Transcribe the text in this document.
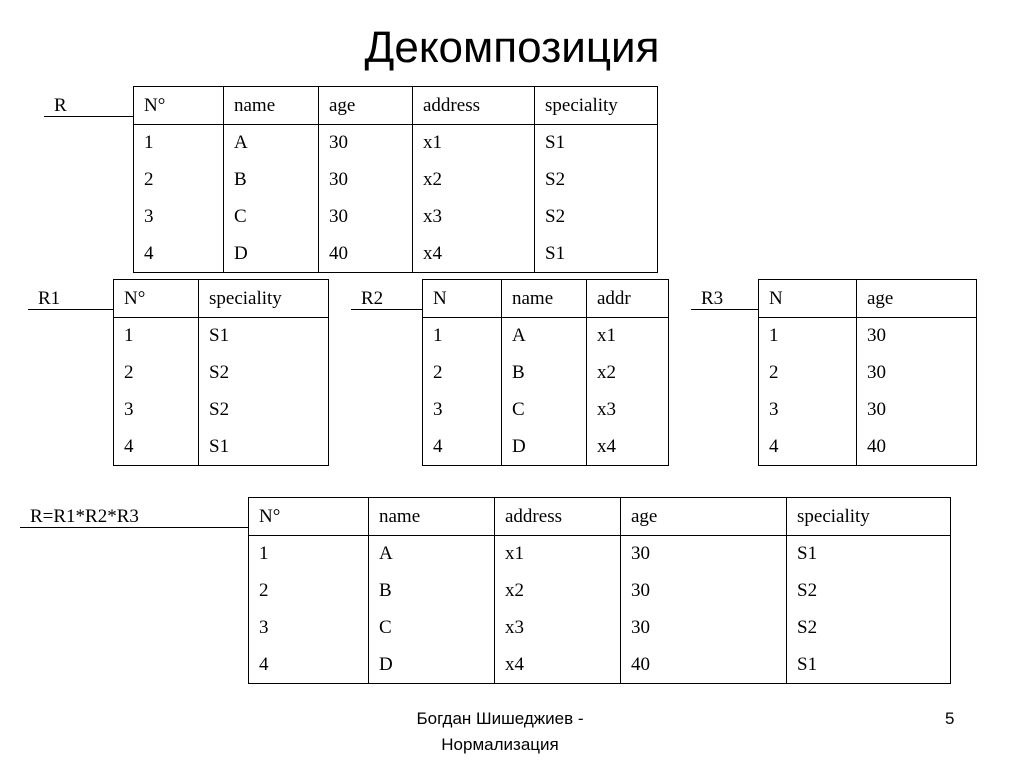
Декомпозиция
R	N°	name	age	address	speciality
1	A	30	x1	S1
2	B	30	x2	S2
3	C	30	x3	S2
4	D	40	x4	S1
R1	N°	speciality
1	S1
2	S2
3	S2
4	S1
R2	N	name	addr
1	A	x1
2	B	x2
3	C	x3
4	D	x4
R3	N	age
1	30
2	30
3	30
4	40
R=R1*R2*R3	N°	name	address	age	speciality
1	A	x1	30	S1
2	B	x2	30	S2
3	C	x3	30	S2
4	D	x4	40	S1
Богдан Шишеджиев -
Нормализация
5
